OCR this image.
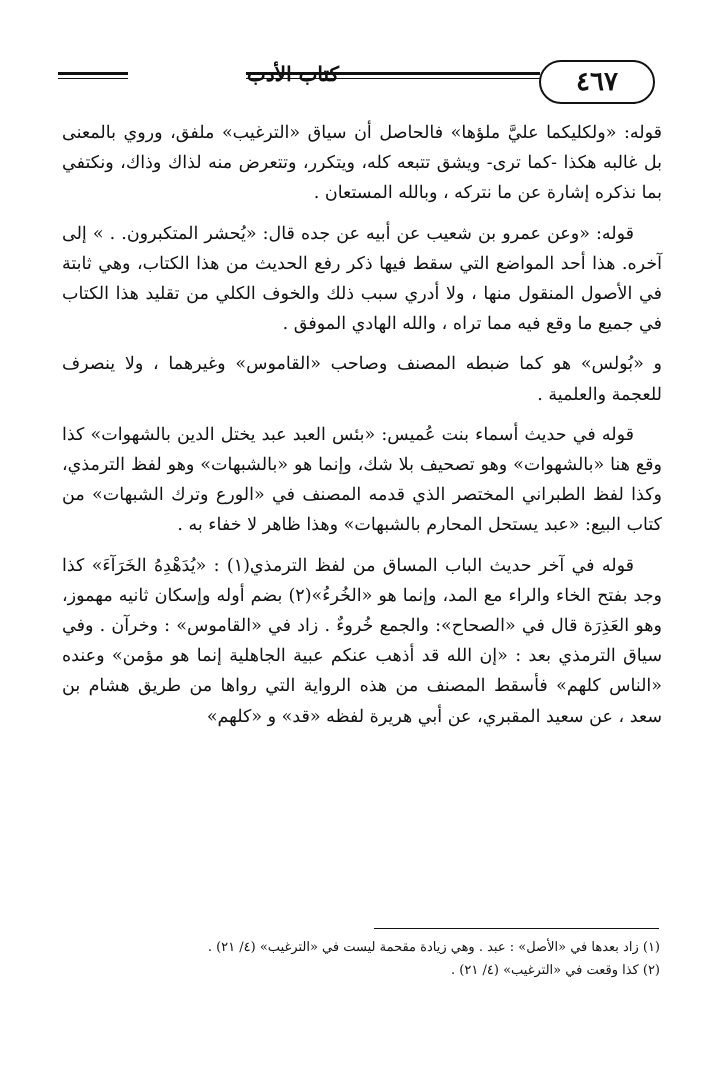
كتاب الأدب	٤٦٧

قوله: «ولكليكما عليَّ ملؤها» فالحاصل أن سياق «الترغيب» ملفق، وروي بالمعنى بل غالبه هكذا -كما ترى- ويشق تتبعه كله، ويتكرر، وتتعرض منه لذاك وذاك، ونكتفي بما نذكره إشارة عن ما نتركه ، وبالله المستعان .

قوله: «وعن عمرو بن شعيب عن أبيه عن جده قال: «يُحشر المتكبرون. . » إلى آخره. هذا أحد المواضع التي سقط فيها ذكر رفع الحديث من هذا الكتاب، وهي ثابتة في الأصول المنقول منها ، ولا أدري سبب ذلك والخوف الكلي من تقليد هذا الكتاب في جميع ما وقع فيه مما تراه ، والله الهادي الموفق .

و «بُولس» هو كما ضبطه المصنف وصاحب «القاموس» وغيرهما ، ولا ينصرف للعجمة والعلمية .

قوله في حديث أسماء بنت عُميس: «بئس العبد عبد يختل الدين بالشهوات» كذا وقع هنا «بالشهوات» وهو تصحيف بلا شك، وإنما هو «بالشبهات» وهو لفظ الترمذي، وكذا لفظ الطبراني المختصر الذي قدمه المصنف في «الورع وترك الشبهات» من كتاب البيع: «عبد يستحل المحارم بالشبهات» وهذا ظاهر لا خفاء به .

قوله في آخر حديث الباب المساق من لفظ الترمذي(١) : «يُدَهْدِهُ الخَرَآءَ» كذا وجد بفتح الخاء والراء مع المد، وإنما هو «الخُرءُ»(٢) بضم أوله وإسكان ثانيه مهموز، وهو العَذِرَة قال في «الصحاح»: والجمع خُروءٌ . زاد في «القاموس» : وخرآن . وفي سياق الترمذي بعد : «إن الله قد أذهب عنكم عبية الجاهلية إنما هو مؤمن» وعنده «الناس كلهم» فأسقط المصنف من هذه الرواية التي رواها من طريق هشام بن سعد ، عن سعيد المقبري، عن أبي هريرة لفظه «قد» و «كلهم»

(١) زاد بعدها في «الأصل» : عبد . وهي زيادة مقحمة ليست في «الترغيب» (٤/ ٢١) .

(٢) كذا وقعت في «الترغيب» (٤/ ٢١) .
